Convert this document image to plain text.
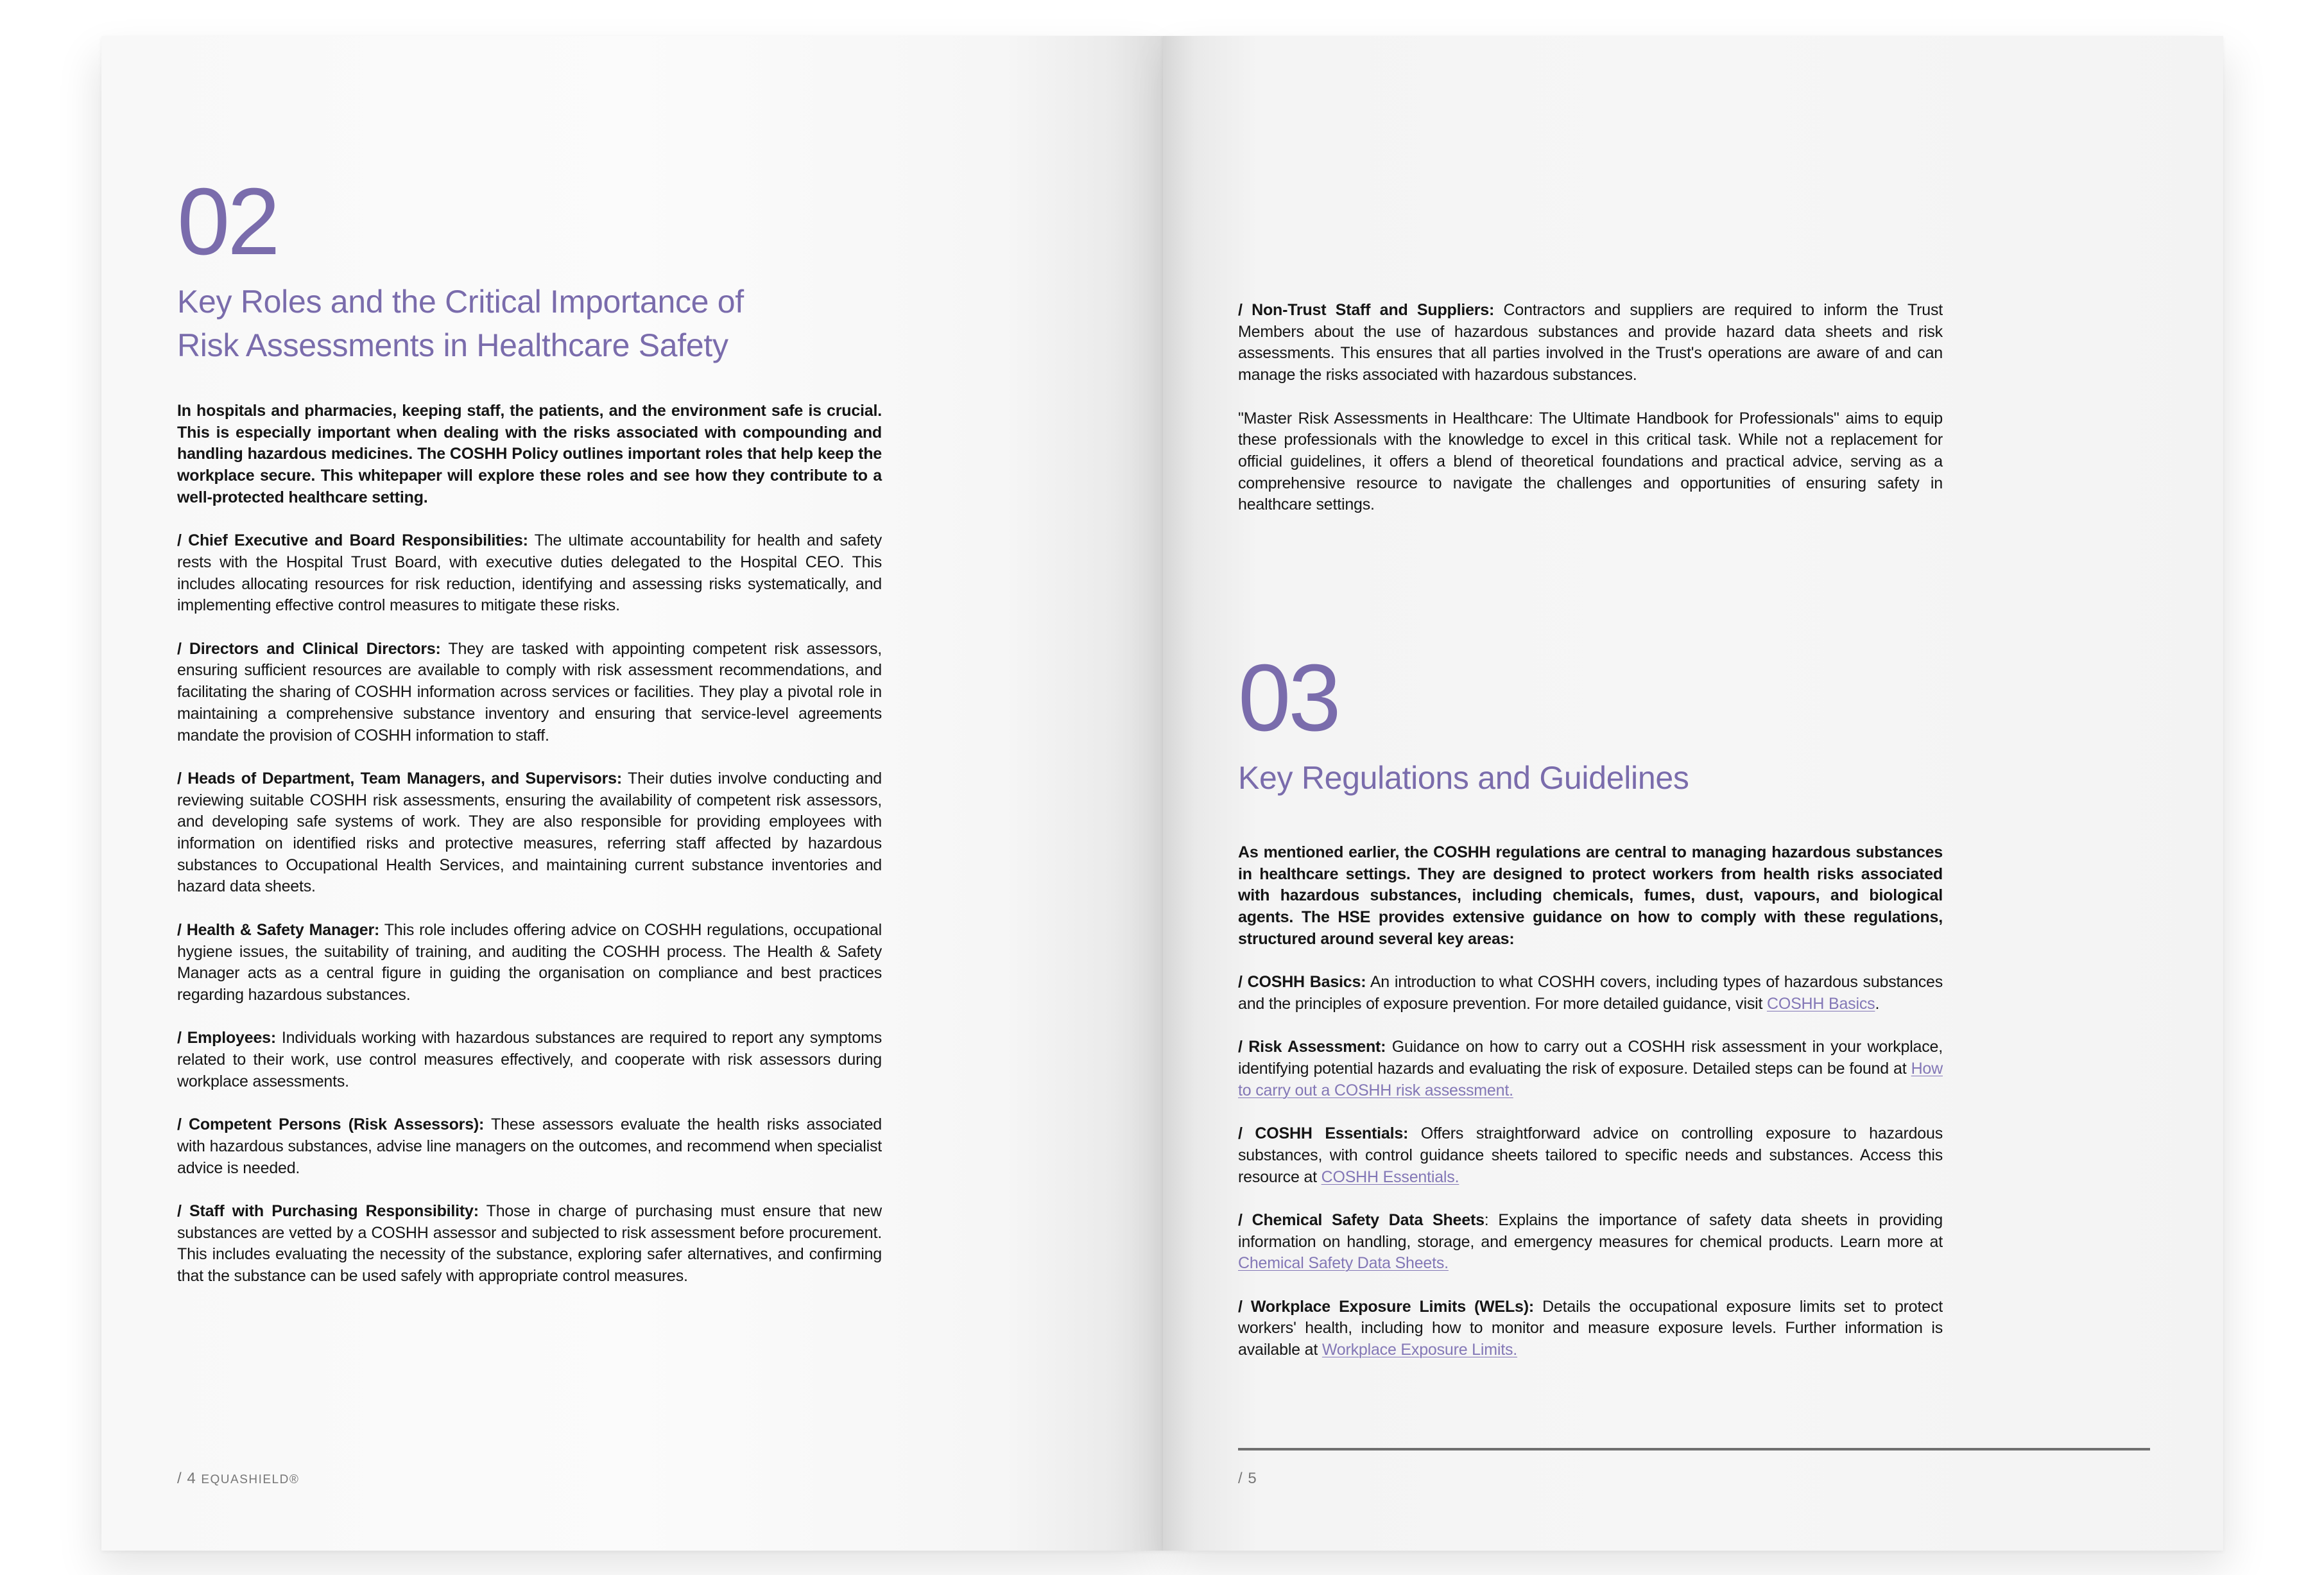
02
Key Roles and the Critical Importance of
Risk Assessments in Healthcare Safety

In hospitals and pharmacies, keeping staff, the patients, and the environment safe is crucial. This is especially important when dealing with the risks associated with compounding and handling hazardous medicines. The COSHH Policy outlines important roles that help keep the workplace secure. This whitepaper will explore these roles and see how they contribute to a well-protected healthcare setting.

/ Chief Executive and Board Responsibilities: The ultimate accountability for health and safety rests with the Hospital Trust Board, with executive duties delegated to the Hospital CEO. This includes allocating resources for risk reduction, identifying and assessing risks systematically, and implementing effective control measures to mitigate these risks.

/ Directors and Clinical Directors: They are tasked with appointing competent risk assessors, ensuring sufficient resources are available to comply with risk assessment recommendations, and facilitating the sharing of COSHH information across services or facilities. They play a pivotal role in maintaining a comprehensive substance inventory and ensuring that service-level agreements mandate the provision of COSHH information to staff.

/ Heads of Department, Team Managers, and Supervisors: Their duties involve conducting and reviewing suitable COSHH risk assessments, ensuring the availability of competent risk assessors, and developing safe systems of work. They are also responsible for providing employees with information on identified risks and protective measures, referring staff affected by hazardous substances to Occupational Health Services, and maintaining current substance inventories and hazard data sheets.

/ Health & Safety Manager: This role includes offering advice on COSHH regulations, occupational hygiene issues, the suitability of training, and auditing the COSHH process. The Health & Safety Manager acts as a central figure in guiding the organisation on compliance and best practices regarding hazardous substances.

/ Employees: Individuals working with hazardous substances are required to report any symptoms related to their work, use control measures effectively, and cooperate with risk assessors during workplace assessments.

/ Competent Persons (Risk Assessors): These assessors evaluate the health risks associated with hazardous substances, advise line managers on the outcomes, and recommend when specialist advice is needed.

/ Staff with Purchasing Responsibility: Those in charge of purchasing must ensure that new substances are vetted by a COSHH assessor and subjected to risk assessment before procurement. This includes evaluating the necessity of the substance, exploring safer alternatives, and confirming that the substance can be used safely with appropriate control measures.

/ 4 EQUASHIELD®

/ Non-Trust Staff and Suppliers: Contractors and suppliers are required to inform the Trust Members about the use of hazardous substances and provide hazard data sheets and risk assessments. This ensures that all parties involved in the Trust's operations are aware of and can manage the risks associated with hazardous substances.

"Master Risk Assessments in Healthcare: The Ultimate Handbook for Professionals" aims to equip these professionals with the knowledge to excel in this critical task. While not a replacement for official guidelines, it offers a blend of theoretical foundations and practical advice, serving as a comprehensive resource to navigate the challenges and opportunities of ensuring safety in healthcare settings.

03
Key Regulations and Guidelines

As mentioned earlier, the COSHH regulations are central to managing hazardous substances in healthcare settings. They are designed to protect workers from health risks associated with hazardous substances, including chemicals, fumes, dust, vapours, and biological agents. The HSE provides extensive guidance on how to comply with these regulations, structured around several key areas:

/ COSHH Basics: An introduction to what COSHH covers, including types of hazardous substances and the principles of exposure prevention. For more detailed guidance, visit COSHH Basics.

/ Risk Assessment: Guidance on how to carry out a COSHH risk assessment in your workplace, identifying potential hazards and evaluating the risk of exposure. Detailed steps can be found at How to carry out a COSHH risk assessment.

/ COSHH Essentials: Offers straightforward advice on controlling exposure to hazardous substances, with control guidance sheets tailored to specific needs and substances. Access this resource at COSHH Essentials.

/ Chemical Safety Data Sheets: Explains the importance of safety data sheets in providing information on handling, storage, and emergency measures for chemical products. Learn more at Chemical Safety Data Sheets.

/ Workplace Exposure Limits (WELs): Details the occupational exposure limits set to protect workers' health, including how to monitor and measure exposure levels. Further information is available at Workplace Exposure Limits.

/ 5
